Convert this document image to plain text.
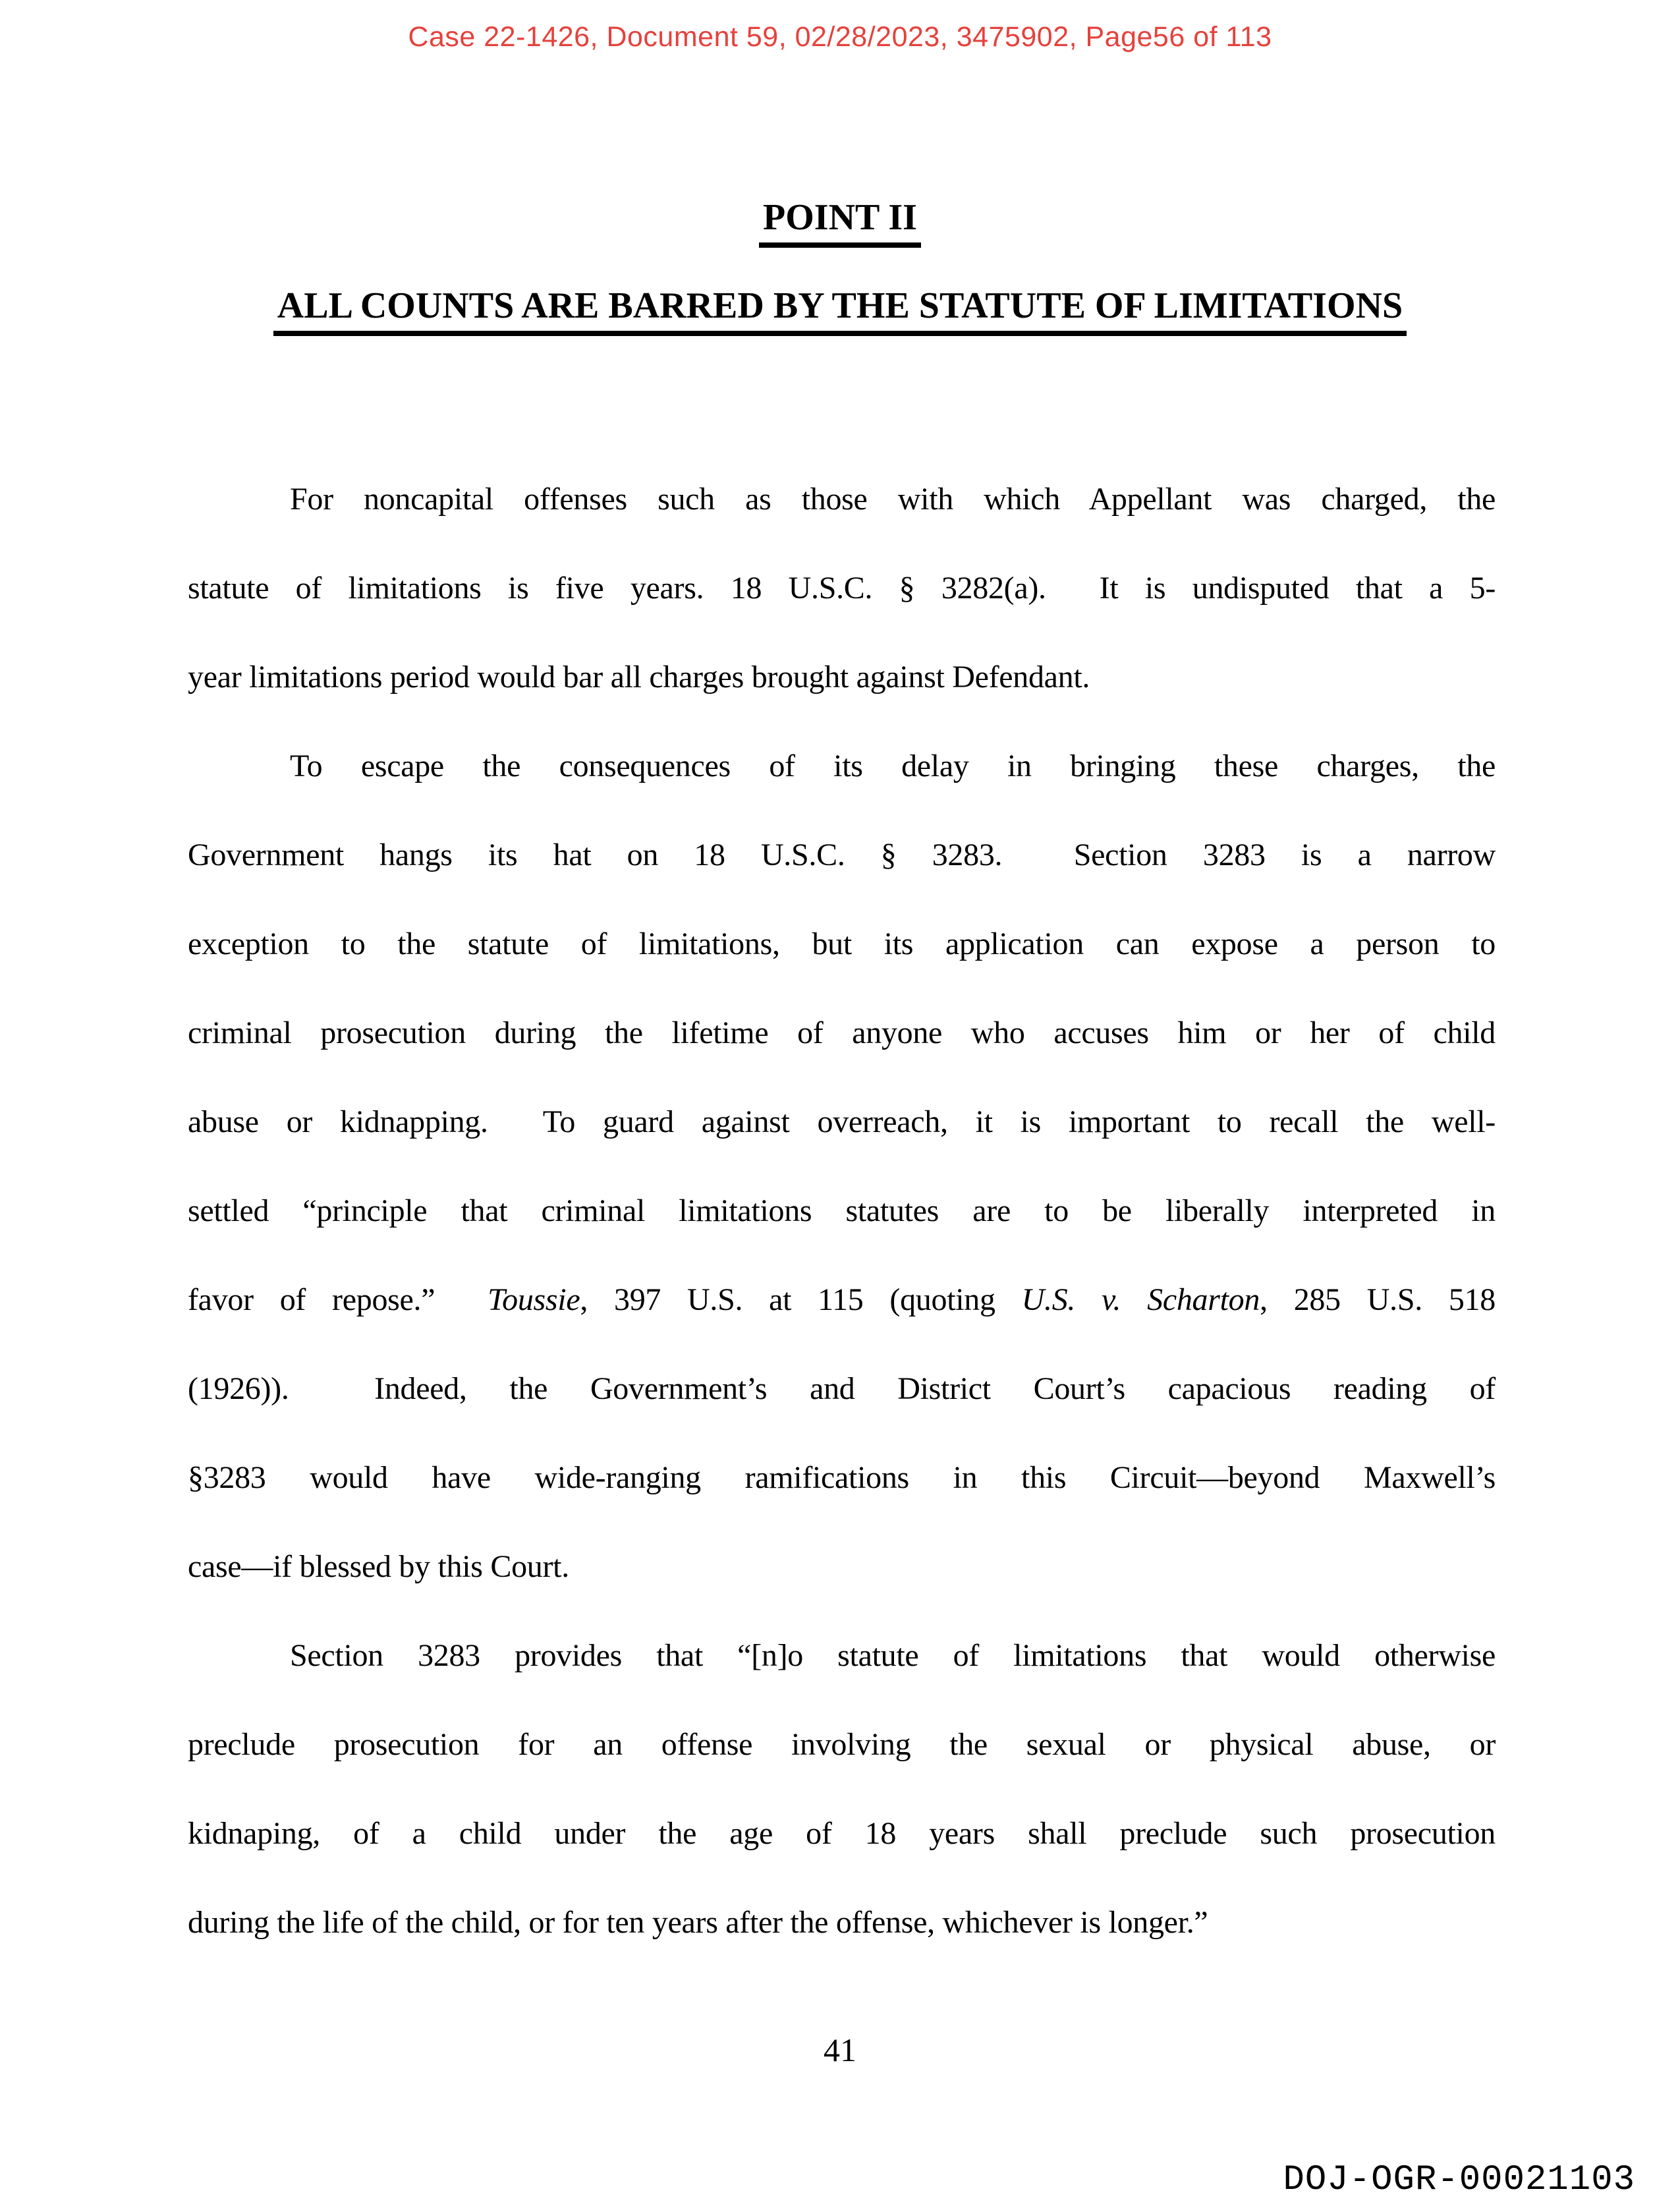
Case 22-1426, Document 59, 02/28/2023, 3475902, Page56 of 113
POINT II
ALL COUNTS ARE BARRED BY THE STATUTE OF LIMITATIONS
For noncapital offenses such as those with which Appellant was charged, the
statute of limitations is five years. 18 U.S.C. § 3282(a).  It is undisputed that a 5-
year limitations period would bar all charges brought against Defendant.
To escape the consequences of its delay in bringing these charges, the
Government hangs its hat on 18 U.S.C. § 3283.  Section 3283 is a narrow
exception to the statute of limitations, but its application can expose a person to
criminal prosecution during the lifetime of anyone who accuses him or her of child
abuse or kidnapping.  To guard against overreach, it is important to recall the well-
settled “principle that criminal limitations statutes are to be liberally interpreted in
favor of repose.”  Toussie, 397 U.S. at 115 (quoting U.S. v. Scharton, 285 U.S. 518
(1926)).  Indeed, the Government’s and District Court’s capacious reading of
§3283 would have wide-ranging ramifications in this Circuit—beyond Maxwell’s
case—if blessed by this Court.
Section 3283 provides that “[n]o statute of limitations that would otherwise
preclude prosecution for an offense involving the sexual or physical abuse, or
kidnaping, of a child under the age of 18 years shall preclude such prosecution
during the life of the child, or for ten years after the offense, whichever is longer.”
41
DOJ-OGR-00021103
